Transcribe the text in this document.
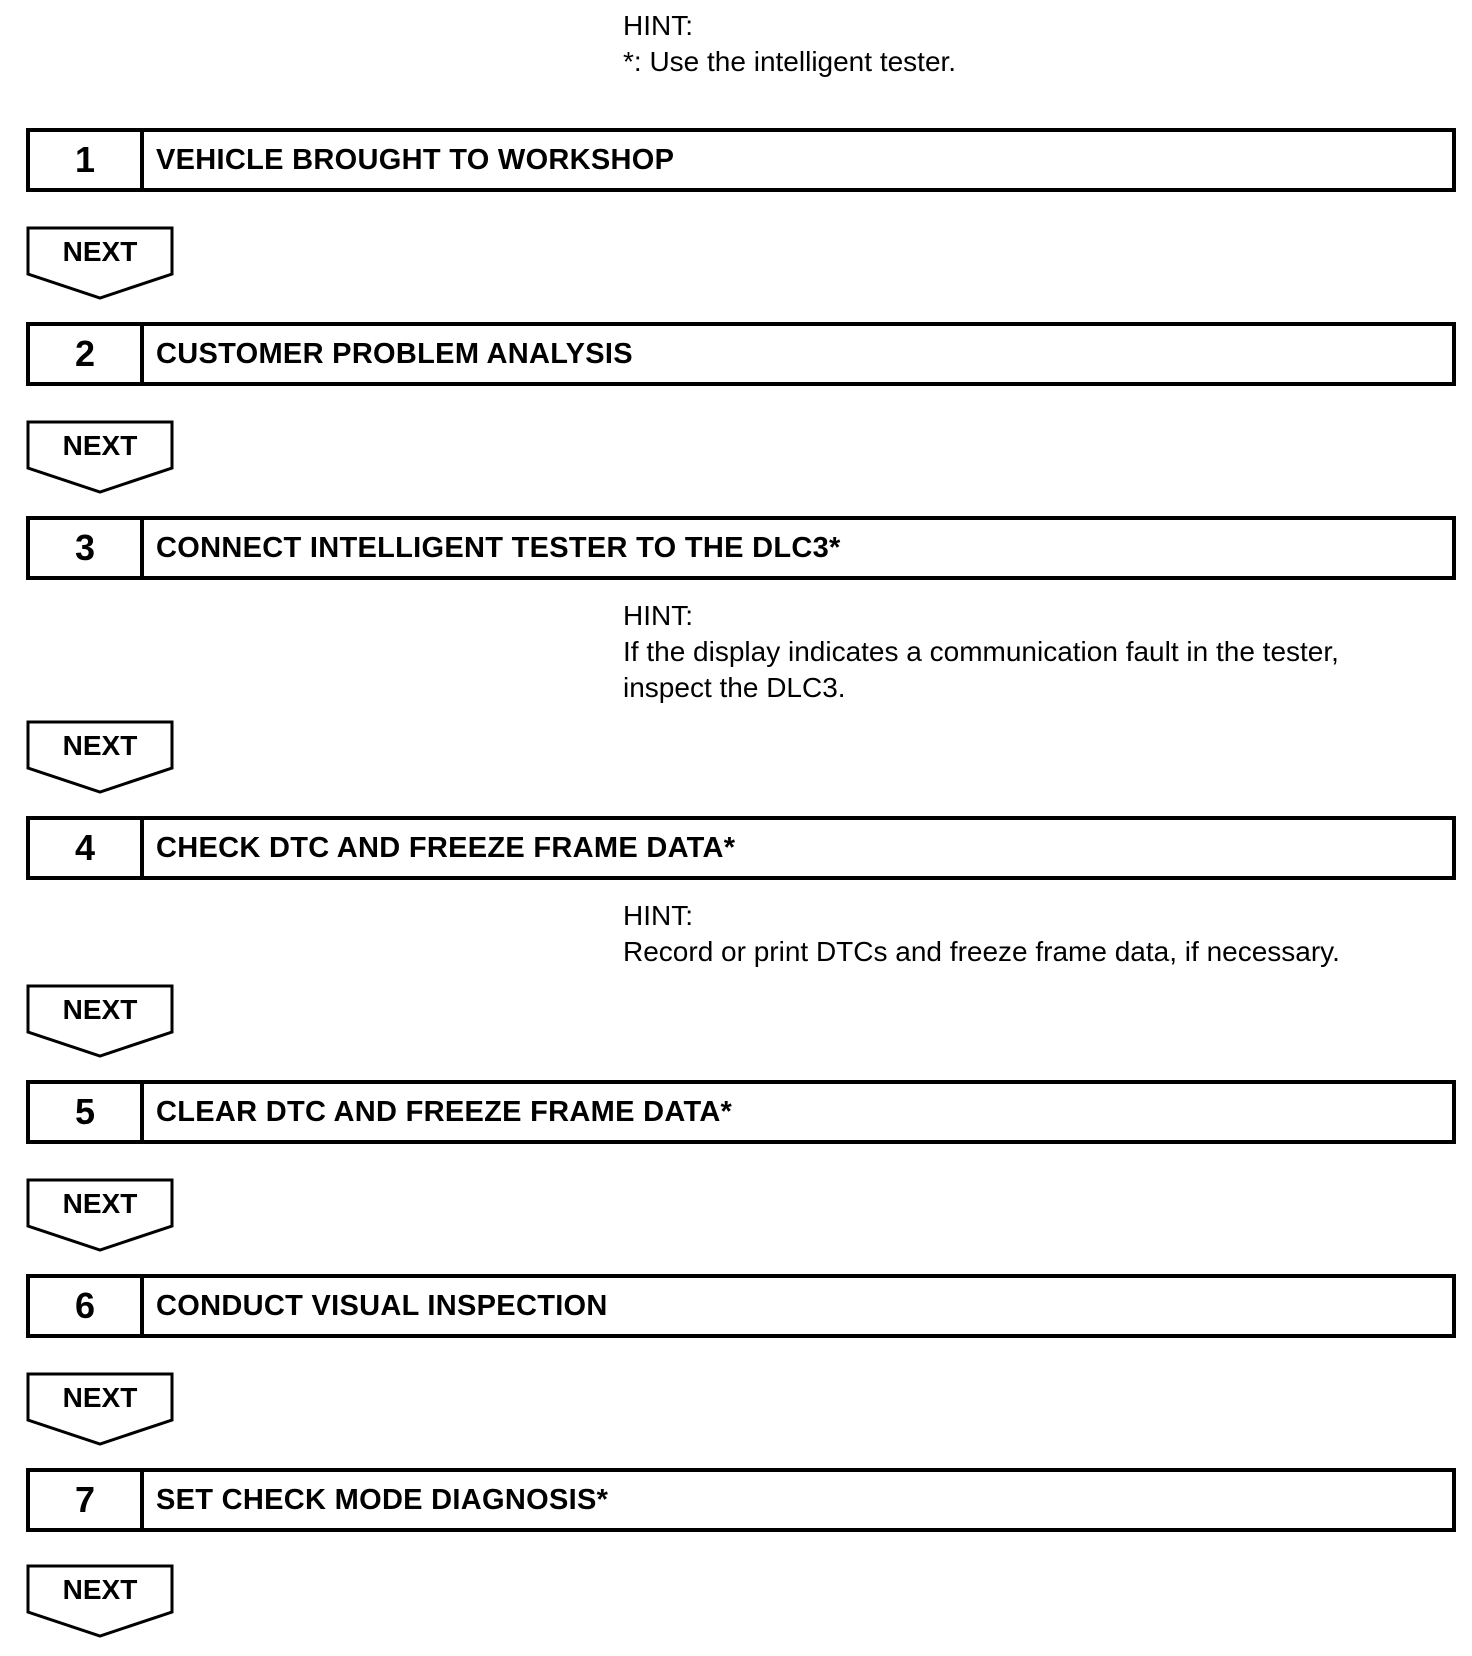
HINT:
*: Use the intelligent tester.
1	VEHICLE BROUGHT TO WORKSHOP
NEXT
2	CUSTOMER PROBLEM ANALYSIS
NEXT
3	CONNECT INTELLIGENT TESTER TO THE DLC3*
HINT:
If the display indicates a communication fault in the tester,
inspect the DLC3.
NEXT
4	CHECK DTC AND FREEZE FRAME DATA*
HINT:
Record or print DTCs and freeze frame data, if necessary.
NEXT
5	CLEAR DTC AND FREEZE FRAME DATA*
NEXT
6	CONDUCT VISUAL INSPECTION
NEXT
7	SET CHECK MODE DIAGNOSIS*
NEXT
